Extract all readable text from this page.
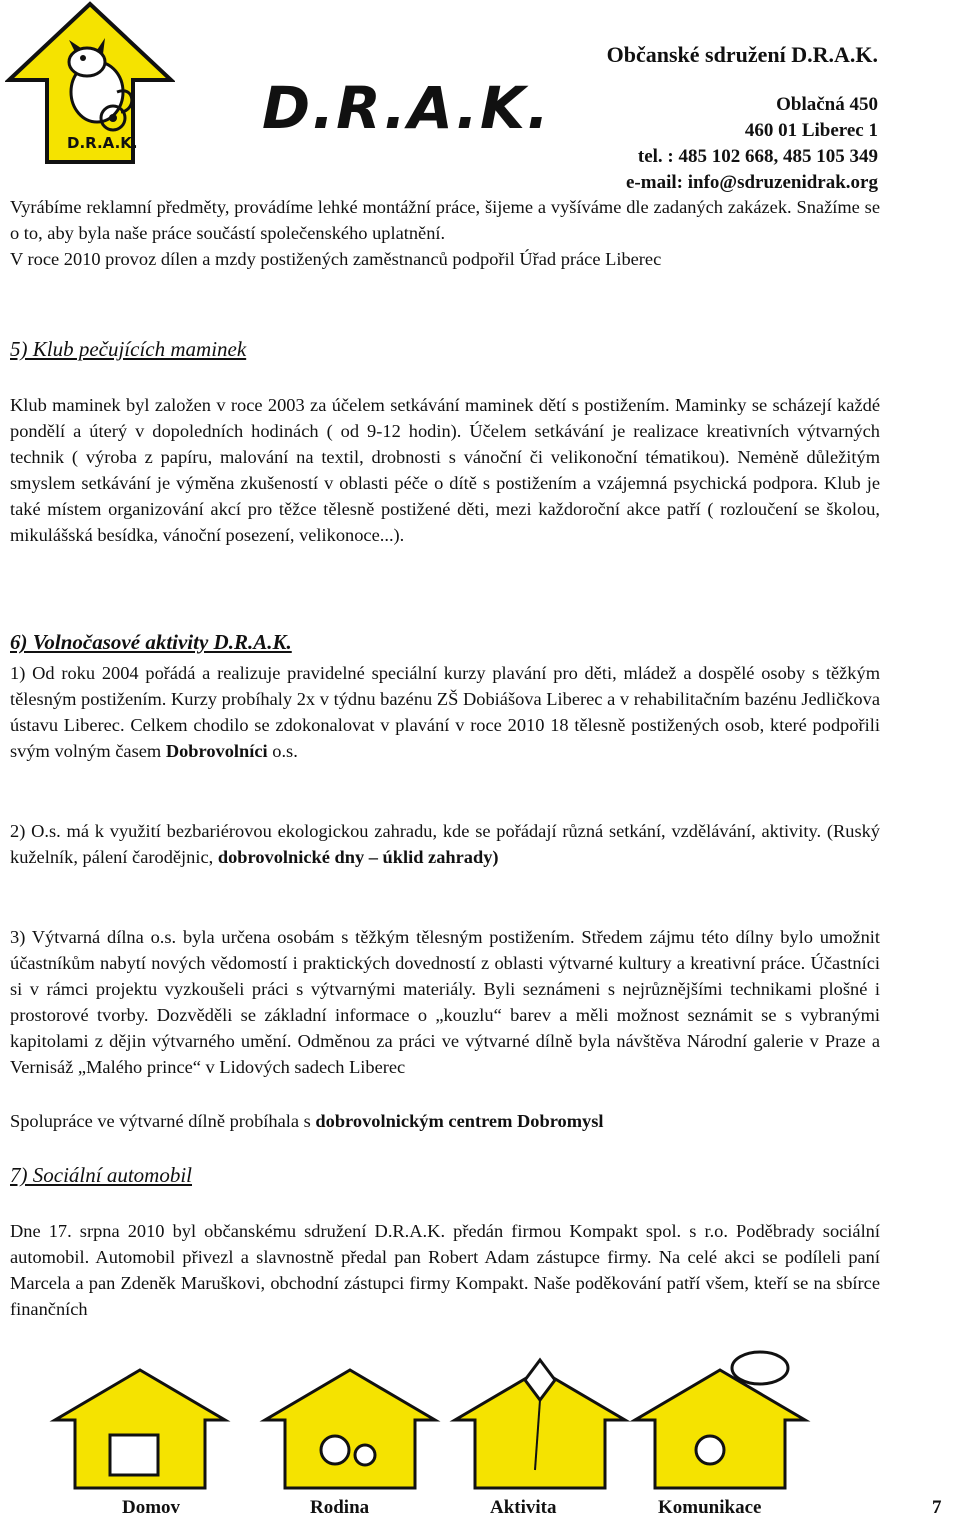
D.R.A.K.
D.R.A.K.
Občanské sdružení D.R.A.K.
Oblačná 450
460 01 Liberec 1
tel. : 485 102 668, 485 105 349
e-mail: info@sdruzenidrak.org

Vyrábíme reklamní předměty, provádíme lehké montážní práce, šijeme a vyšíváme dle zadaných zakázek. Snažíme se o to, aby byla naše práce součástí společenského uplatnění.

V roce 2010 provoz dílen a mzdy postižených zaměstnanců podpořil Úřad práce Liberec

5) Klub pečujících maminek

Klub maminek byl založen v roce 2003 za účelem setkávání maminek dětí s postižením. Maminky se scházejí každé pondělí a úterý v dopoledních hodinách ( od 9-12 hodin). Účelem setkávání je realizace kreativních výtvarných technik ( výroba z papíru, malování na textil, drobnosti s vánoční či velikonoční tématikou). Nemėně důležitým smyslem setkávání je výměna zkušeností v oblasti péče o dítě s postižením a vzájemná psychická podpora. Klub je také místem organizování akcí pro těžce tělesně postižené děti, mezi každoroční akce patří ( rozloučení se školou, mikulášská besídka, vánoční posezení, velikonoce...).

6) Volnočasové aktivity D.R.A.K.

1) Od roku 2004 pořádá a realizuje pravidelné speciální kurzy plavání pro děti, mládež a dospělé osoby s těžkým tělesným postižením. Kurzy probíhaly 2x v týdnu bazénu ZŠ Dobiášova Liberec a v rehabilitačním bazénu Jedličkova ústavu Liberec. Celkem chodilo se zdokonalovat v plavání v roce 2010 18 tělesně postižených osob, které podpořili svým volným časem Dobrovolníci o.s.

2) O.s. má k využití bezbariérovou ekologickou zahradu, kde se pořádají různá setkání, vzdělávání, aktivity. (Ruský kuželník, pálení čarodějnic, dobrovolnické dny – úklid zahrady)

3) Výtvarná dílna o.s. byla určena osobám s těžkým tělesným postižením. Středem zájmu této dílny bylo umožnit účastníkům nabytí nových vědomostí i praktických dovedností z oblasti výtvarné kultury a kreativní práce. Účastníci si v rámci projektu vyzkoušeli práci s výtvarnými materiály. Byli seznámeni s nejrůznějšími technikami plošné i prostorové tvorby. Dozvěděli se základní informace o „kouzlu“ barev a měli možnost seznámit se s vybranými kapitolami z dějin výtvarného umění. Odměnou za práci ve výtvarné dílně byla návštěva Národní galerie v Praze a Vernisáž „Malého prince“ v Lidových sadech Liberec

Spolupráce ve výtvarné dílně probíhala s dobrovolnickým centrem Dobromysl

7) Sociální automobil

Dne 17. srpna 2010 byl občanskému sdružení D.R.A.K. předán firmou Kompakt spol. s r.o. Poděbrady sociální automobil. Automobil přivezl a slavnostně předal pan Robert Adam zástupce firmy. Na celé akci se podíleli paní Marcela a pan Zdeněk Maruškovi, obchodní zástupci firmy Kompakt. Naše poděkování patří všem, kteří se na sbírce finančních

Domov	Rodina	Aktivita	Komunikace	7
